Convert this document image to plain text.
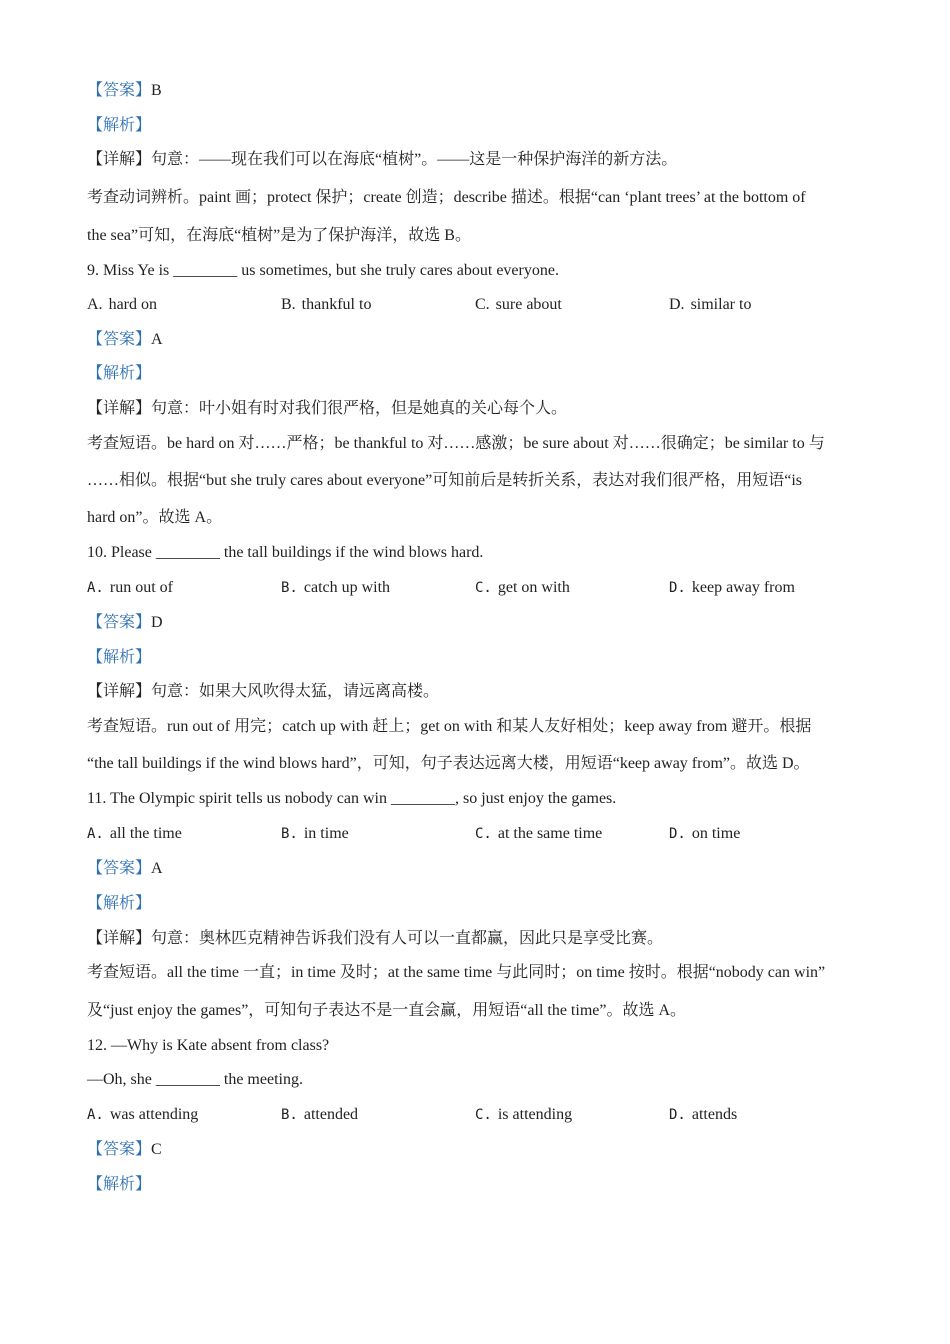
【答案】B
【解析】
【详解】句意：——现在我们可以在海底“植树”。——这是一种保护海洋的新方法。
考查动词辨析。paint 画；protect 保护；create 创造；describe 描述。根据“can ‘plant trees’ at the bottom of
the sea”可知，在海底“植树”是为了保护海洋，故选 B。
9. Miss Ye is ________ us sometimes, but she truly cares about everyone.
A. hard on	B. thankful to	C. sure about	D. similar to
【答案】A
【解析】
【详解】句意：叶小姐有时对我们很严格，但是她真的关心每个人。
考查短语。be hard on 对……严格；be thankful to 对……感激；be sure about 对……很确定；be similar to 与
……相似。根据“but she truly cares about everyone”可知前后是转折关系，表达对我们很严格，用短语“is
hard on”。故选 A。
10. Please ________ the tall buildings if the wind blows hard.
A. run out of	B. catch up with	C. get on with	D. keep away from
【答案】D
【解析】
【详解】句意：如果大风吹得太猛，请远离高楼。
考查短语。run out of 用完；catch up with 赶上；get on with 和某人友好相处；keep away from 避开。根据
“the tall buildings if the wind blows hard”，可知，句子表达远离大楼，用短语“keep away from”。故选 D。
11. The Olympic spirit tells us nobody can win ________, so just enjoy the games.
A. all the time	B. in time	C. at the same time	D. on time
【答案】A
【解析】
【详解】句意：奥林匹克精神告诉我们没有人可以一直都赢，因此只是享受比赛。
考查短语。all the time 一直；in time 及时；at the same time 与此同时；on time 按时。根据“nobody can win”
及“just enjoy the games”，可知句子表达不是一直会赢，用短语“all the time”。故选 A。
12. —Why is Kate absent from class?
—Oh, she ________ the meeting.
A. was attending	B. attended	C. is attending	D. attends
【答案】C
【解析】
